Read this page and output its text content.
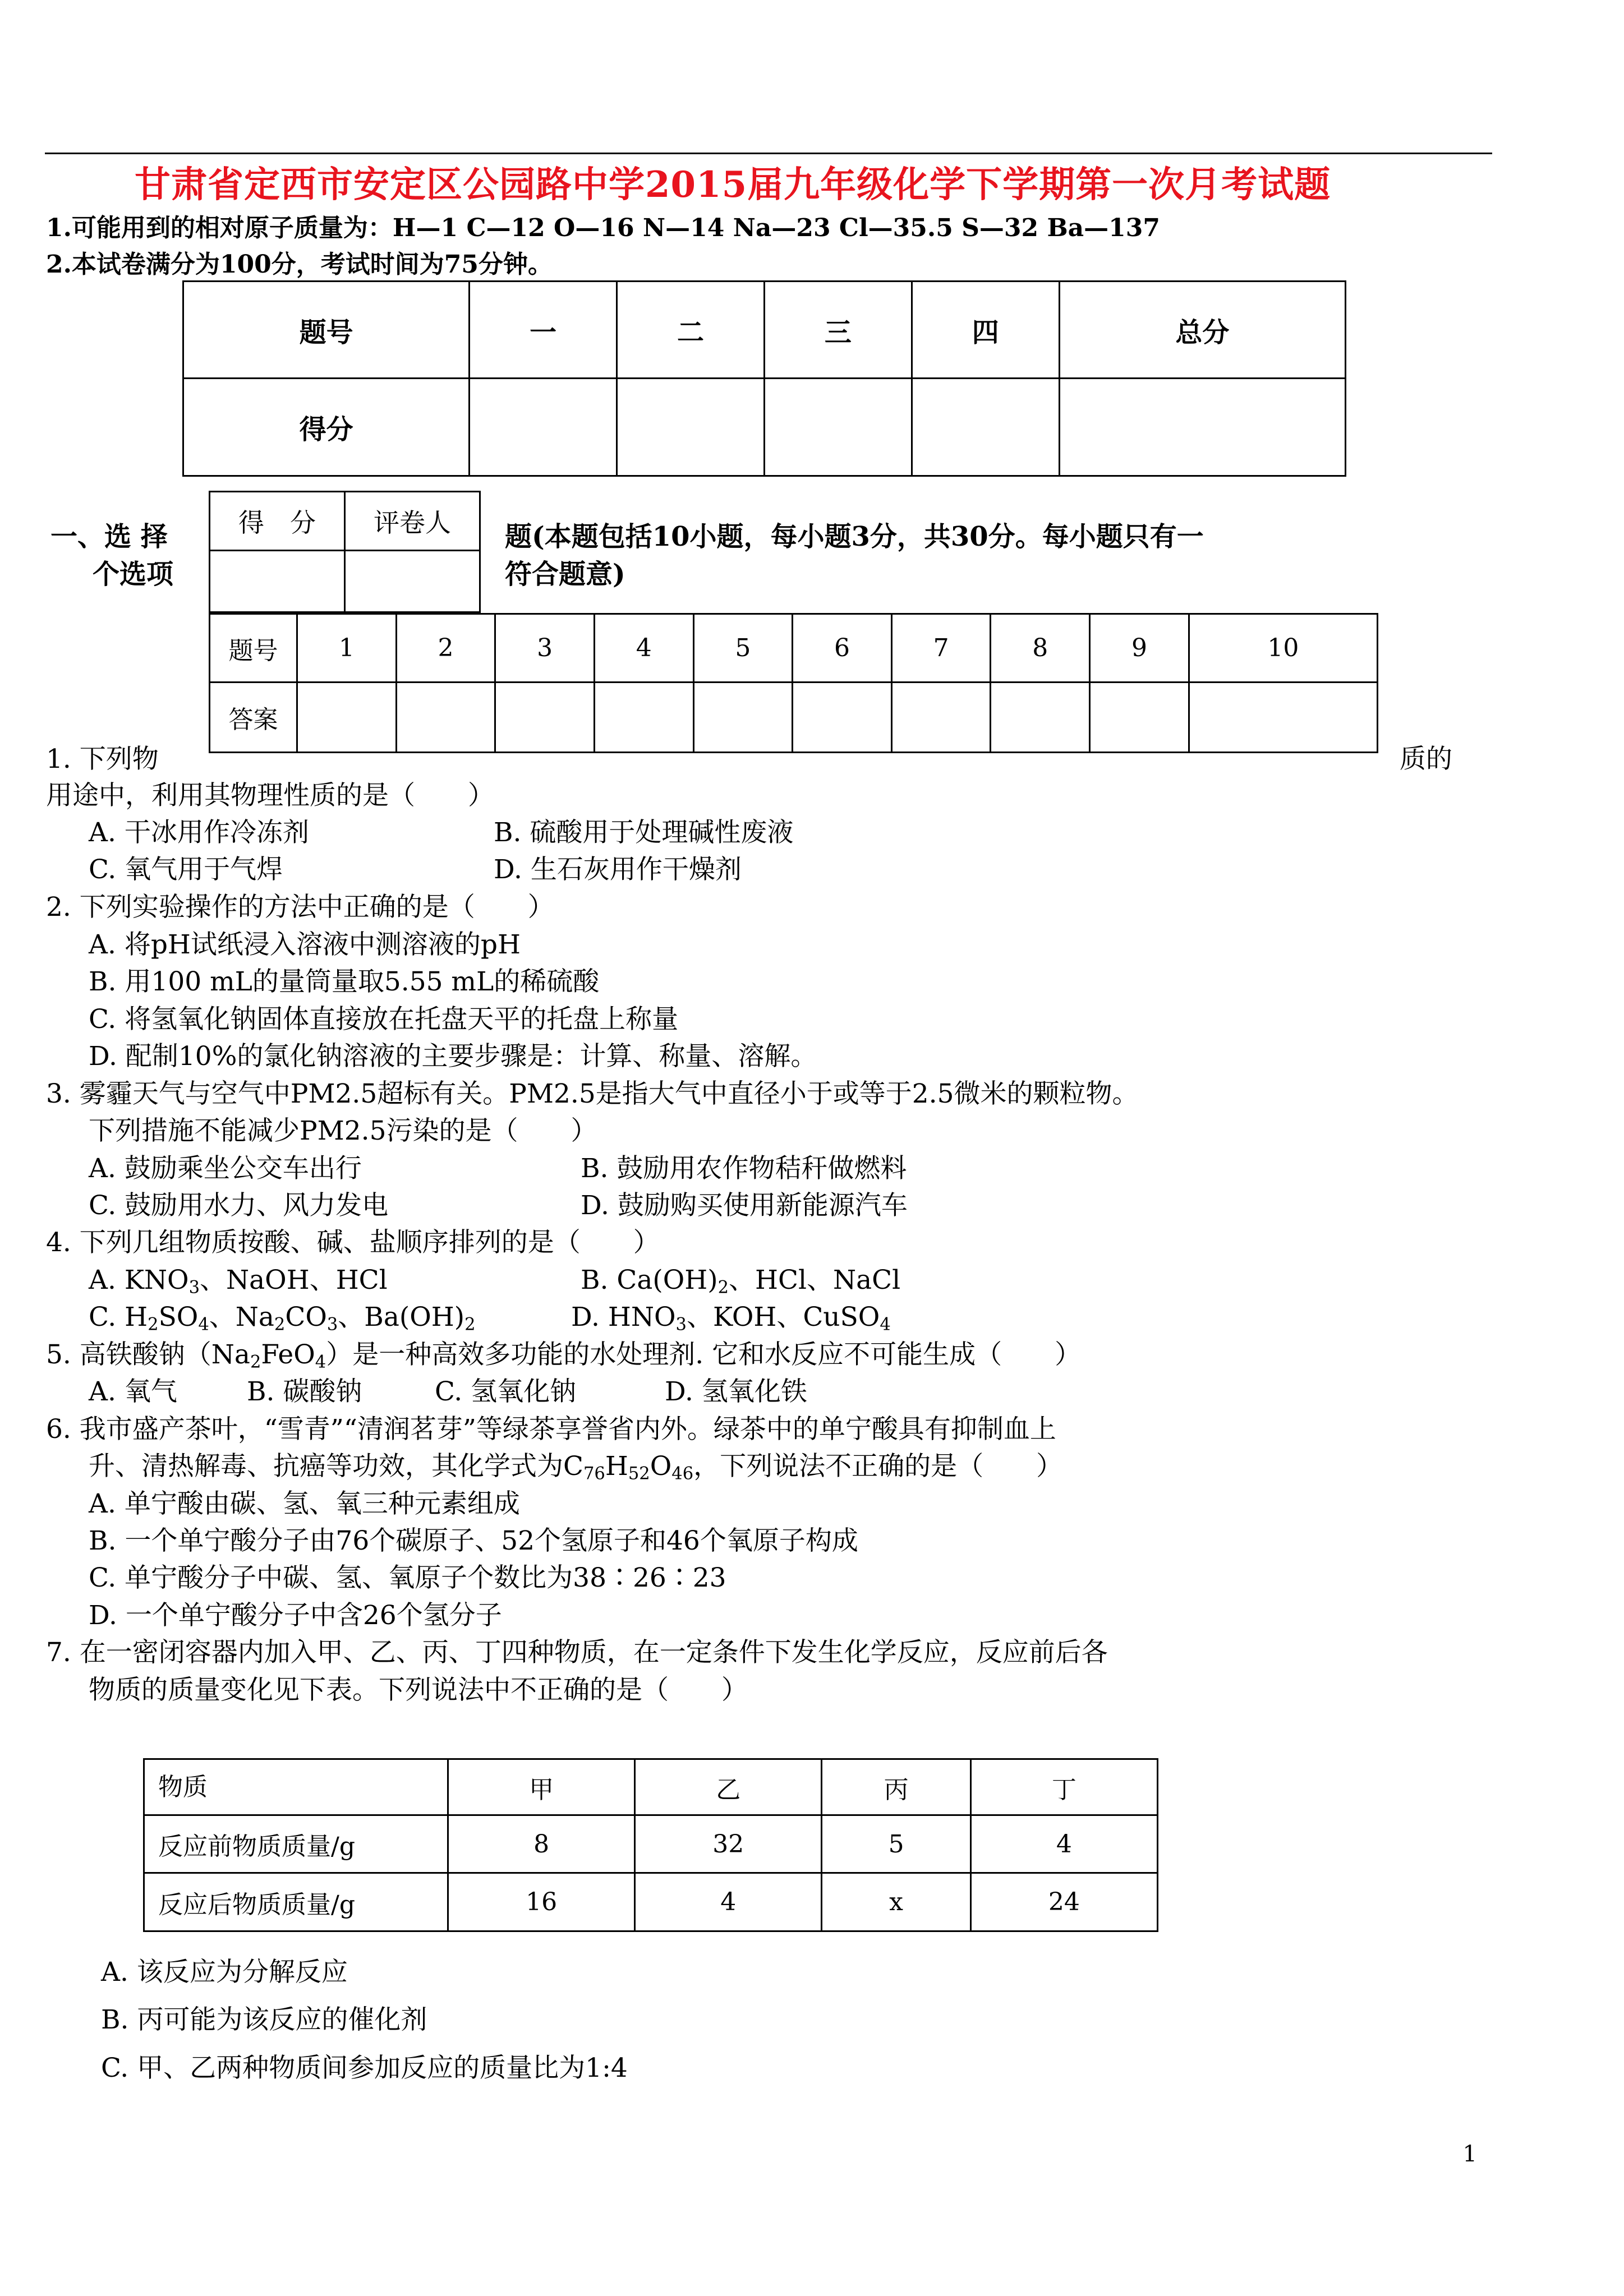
甘肃省定西市安定区公园路中学2015届九年级化学下学期第一次月考试题
1.可能用到的相对原子质量为：H—1 C—12 O—16 N—14 Na—23 Cl—35.5 S—32 Ba—137
2.本试卷满分为100分，考试时间为75分钟。
题号	一	二	三	四	总分
得分					
一、选 择
个选项
得　分	评卷人
	题(本题包括10小题，每小题3分，共30分。每小题只有一
符合题意)
题号	1	2	3	4	5	6	7	8	9	10
答案										
1. 下列物	质的
用途中，利用其物理性质的是（　　）
A. 干冰用作冷冻剂	B. 硫酸用于处理碱性废液
C. 氧气用于气焊	D. 生石灰用作干燥剂
2. 下列实验操作的方法中正确的是（　　）
A. 将pH试纸浸入溶液中测溶液的pH
B. 用100 mL的量筒量取5.55 mL的稀硫酸
C. 将氢氧化钠固体直接放在托盘天平的托盘上称量
D. 配制10%的氯化钠溶液的主要步骤是：计算、称量、溶解。
3. 雾霾天气与空气中PM2.5超标有关。PM2.5是指大气中直径小于或等于2.5微米的颗粒物。
下列措施不能减少PM2.5污染的是（　　）
A. 鼓励乘坐公交车出行	B. 鼓励用农作物秸秆做燃料
C. 鼓励用水力、风力发电	D. 鼓励购买使用新能源汽车
4. 下列几组物质按酸、碱、盐顺序排列的是（　　）
A. $KNO_3$、NaOH、HCl	B. $Ca(OH)_2$、HCl、NaCl
C. $H_2SO_4$、$Na_2CO_3$、$Ba(OH)_2$	D. $HNO_3$、KOH、CuSO$_4$
5. 高铁酸钠$(Na_2FeO_4)$是一种高效多功能的水处理剂. 它和水反应不可能生成（　　）
A. 氧气	B. 碳酸钠	C. 氢氧化钠	D. 氢氧化铁
6. 我市盛产茶叶，“雪青”“清润茗芽”等绿茶享誉省内外。绿茶中的单宁酸具有抑制血上
升、清热解毒、抗癌等功效，其化学式为$C_{76}H_{52}O_{46}$，下列说法不正确的是（　　）
A. 单宁酸由碳、氢、氧三种元素组成
B. 一个单宁酸分子由76个碳原子、52个氢原子和46个氧原子构成
C. 单宁酸分子中碳、氢、氧原子个数比为38∶26∶23
D. 一个单宁酸分子中含26个氢分子
7. 在一密闭容器内加入甲、乙、丙、丁四种物质，在一定条件下发生化学反应，反应前后各
物质的质量变化见下表。下列说法中不正确的是（　　）
物质	甲	乙	丙	丁
反应前物质质量/g	8	32	5	4
反应后物质质量/g	16	4	x	24
A. 该反应为分解反应
B. 丙可能为该反应的催化剂
C. 甲、乙两种物质间参加反应的质量比为1:4
1
